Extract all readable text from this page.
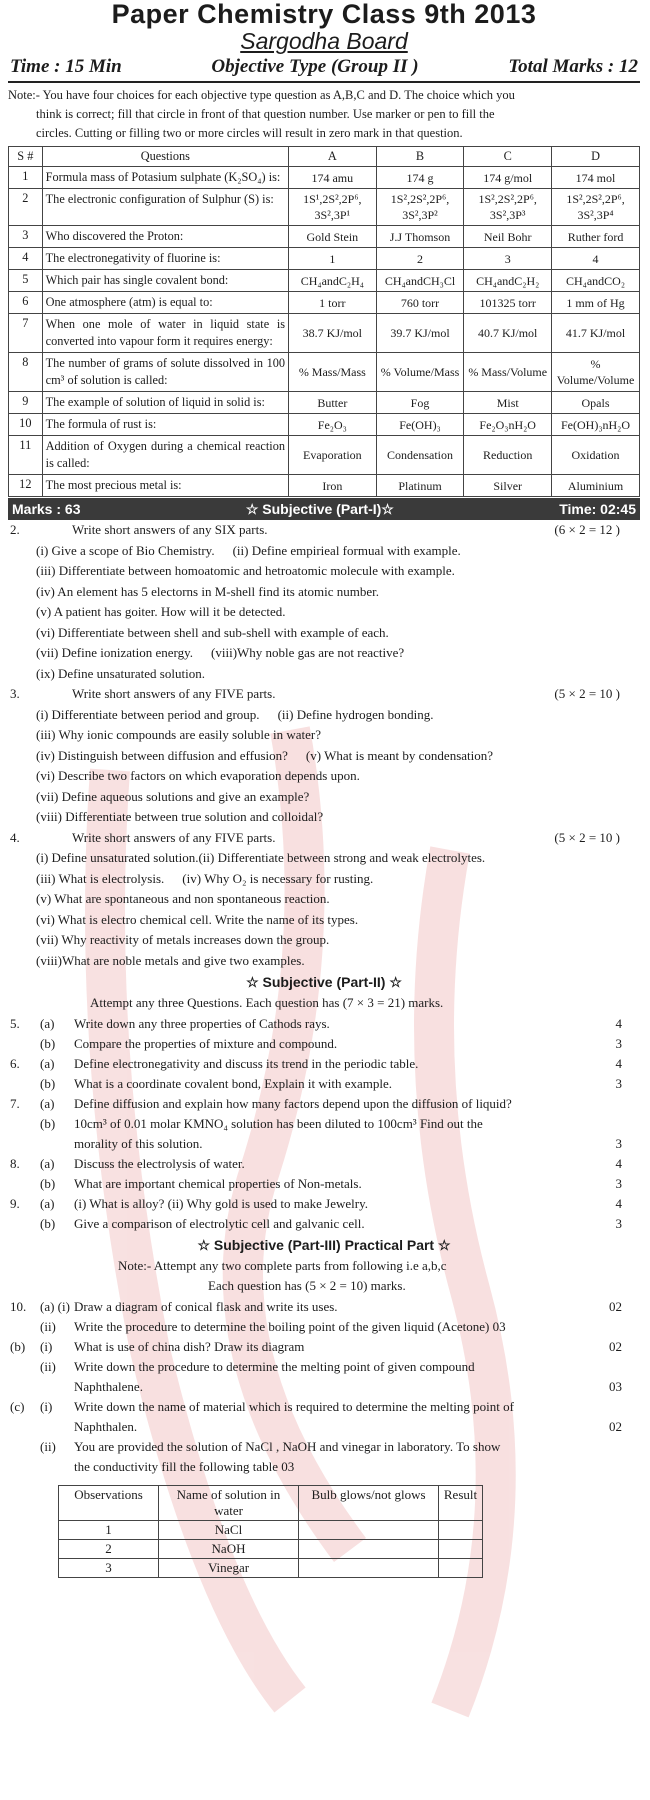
Paper Chemistry Class 9th 2013
Sargodha Board
Time : 15 Min	Objective Type (Group II )	Total Marks : 12
Note:- You have four choices for each objective type question as A,B,C and D. The choice which you
think is correct; fill that circle in front of that question number. Use marker or pen to fill the
circles. Cutting or filling two or more circles will result in zero mark in that question.
S #	Questions	A	B	C	D
1	Formula mass of Potasium sulphate (K₂SO₄) is:	174 amu	174 g	174 g/mol	174 mol
2	The electronic configuration of Sulphur (S) is:	1S¹,2S²,2P⁶, 3S²,3P¹	1S²,2S²,2P⁶, 3S²,3P²	1S²,2S²,2P⁶, 3S²,3P³	1S²,2S²,2P⁶, 3S²,3P⁴
3	Who discovered the Proton:	Gold Stein	J.J Thomson	Neil Bohr	Ruther ford
4	The electronegativity of fluorine is:	1	2	3	4
5	Which pair has single covalent bond:	CH₄andC₂H₄	CH₄andCH₃Cl	CH₄andC₂H₂	CH₄andCO₂
6	One atmosphere (atm) is equal to:	1 torr	760 torr	101325 torr	1 mm of Hg
7	When one mole of water in liquid state is converted into vapour form it requires energy:	38.7 KJ/mol	39.7 KJ/mol	40.7 KJ/mol	41.7 KJ/mol
8	The number of grams of solute dissolved in 100 cm³ of solution is called:	% Mass/Mass	% Volume/Mass	% Mass/Volume	% Volume/Volume
9	The example of solution of liquid in solid is:	Butter	Fog	Mist	Opals
10	The formula of rust is:	Fe₂O₃	Fe(OH)₃	Fe₂O₃nH₂O	Fe(OH)₃nH₂O
11	Addition of Oxygen during a chemical reaction is called:	Evaporation	Condensation	Reduction	Oxidation
12	The most precious metal is:	Iron	Platinum	Silver	Aluminium
Marks : 63	☆ Subjective (Part-I)☆	Time: 02:45
2.	Write short answers of any SIX parts.	(6 × 2 = 12 )
(i) Give a scope of Bio Chemistry. (ii) Define empirieal formual with example.
(iii) Differentiate between homoatomic and hetroatomic molecule with example.
(iv) An element has 5 electorns in M-shell find its atomic number.
(v) A patient has goiter. How will it be detected.
(vi) Differentiate between shell and sub-shell with example of each.
(vii) Define ionization energy. (viii)Why noble gas are not reactive?
(ix) Define unsaturated solution.
3.	Write short answers of any FIVE parts.	(5 × 2 = 10 )
(i) Differentiate between period and group. (ii) Define hydrogen bonding.
(iii) Why ionic compounds are easily soluble in water?
(iv) Distinguish between diffusion and effusion? (v) What is meant by condensation?
(vi) Describe two factors on which evaporation depends upon.
(vii) Define aqueous solutions and give an example?
(viii) Differentiate between true solution and colloidal?
4.	Write short answers of any FIVE parts.	(5 × 2 = 10 )
(i) Define unsaturated solution.(ii) Differentiate between strong and weak electrolytes.
(iii) What is electrolysis. (iv) Why O₂ is necessary for rusting.
(v) What are spontaneous and non spontaneous reaction.
(vi) What is electro chemical cell. Write the name of its types.
(vii) Why reactivity of metals increases down the group.
(viii)What are noble metals and give two examples.
☆ Subjective (Part-II) ☆
Attempt any three Questions. Each question has (7 × 3 = 21) marks.
5.	(a)	Write down any three properties of Cathods rays.	4
(b)	Compare the properties of mixture and compound.	3
6.	(a)	Define electronegativity and discuss its trend in the periodic table.	4
(b)	What is a coordinate covalent bond, Explain it with example.	3
7.	(a)	Define diffusion and explain how many factors depend upon the diffusion of liquid?
(b)	10cm³ of 0.01 molar KMNO₄ solution has been diluted to 100cm³ Find out the
morality of this solution.	3
8.	(a)	Discuss the electrolysis of water.	4
(b)	What are important chemical properties of Non-metals.	3
9.	(a)	(i) What is alloy? (ii) Why gold is used to make Jewelry.	4
(b)	Give a comparison of electrolytic cell and galvanic cell.	3
☆ Subjective (Part-III) Practical Part ☆
Note:- Attempt any two complete parts from following i.e a,b,c
Each question has (5 × 2 = 10) marks.
10.	(a) (i) Draw a diagram of conical flask and write its uses.	02
(ii)	Write the procedure to determine the boiling point of the given liquid (Acetone) 03
(b)	(i)	What is use of china dish? Draw its diagram	02
(ii)	Write down the procedure to determine the melting point of given compound
Naphthalene.	03
(c)	(i)	Write down the name of material which is required to determine the melting point of
Naphthalen.	02
(ii)	You are provided the solution of NaCl , NaOH and vinegar in laboratory. To show
the conductivity fill the following table 03
Observations	Name of solution in water	Bulb glows/not glows	Result
1	NaCl		
2	NaOH		
3	Vinegar		
